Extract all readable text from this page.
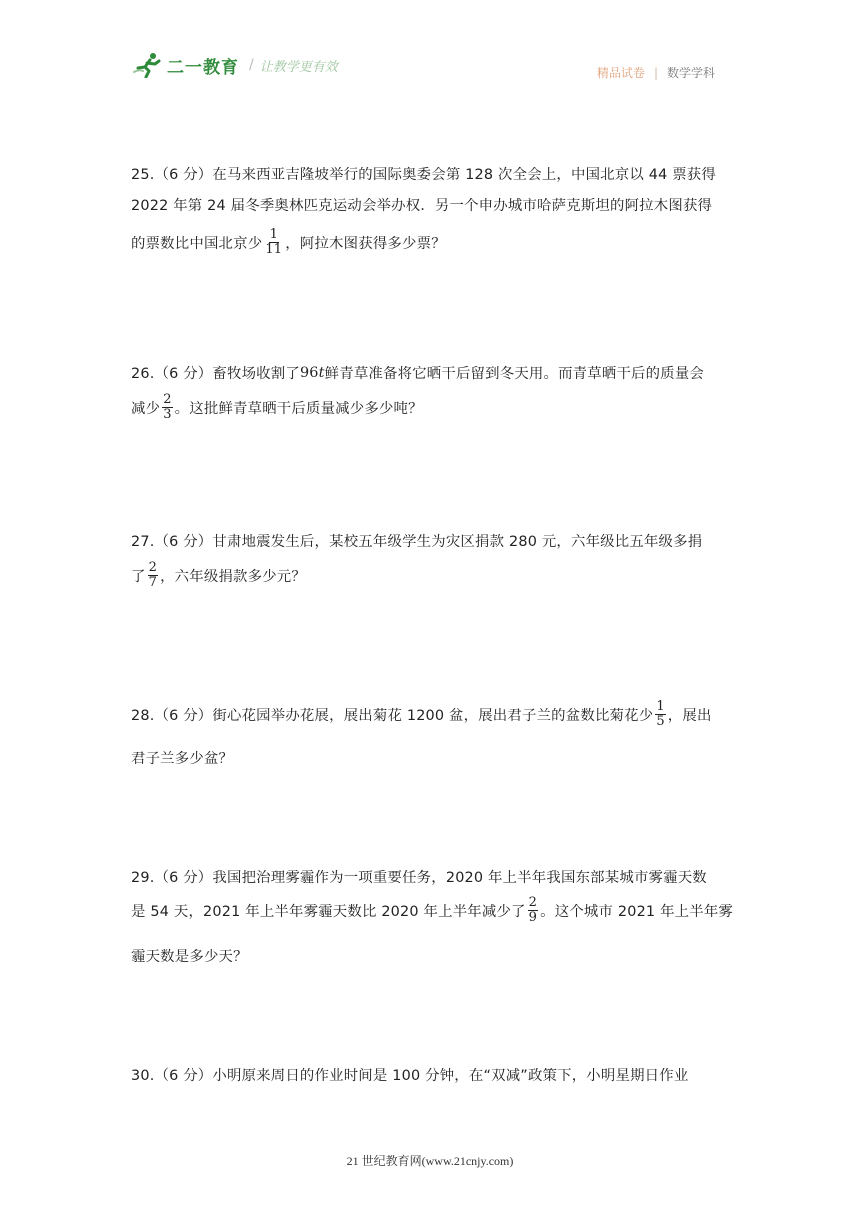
二一教育 / 让教学更有效	精品试卷 | 数学学科
25.（6 分）在马来西亚吉隆坡举行的国际奥委会第 128 次全会上，中国北京以 44 票获得
2022 年第 24 届冬季奥林匹克运动会举办权．另一个申办城市哈萨克斯坦的阿拉木图获得
的票数比中国北京少 $\frac{1}{11}$ ，阿拉木图获得多少票？
26.（6 分）畜牧场收割了 96 t 鲜青草准备将它晒干后留到冬天用。而青草晒干后的质量会
减少 $\frac{2}{3}$ 。这批鲜青草晒干后质量减少多少吨？
27.（6 分）甘肃地震发生后，某校五年级学生为灾区捐款 280 元，六年级比五年级多捐
了 $\frac{2}{7}$ ，六年级捐款多少元？
28.（6 分）街心花园举办花展，展出菊花 1200 盆，展出君子兰的盆数比菊花少 $\frac{1}{5}$ ，展出
君子兰多少盆？
29.（6 分）我国把治理雾霾作为一项重要任务，2020 年上半年我国东部某城市雾霾天数
是 54 天，2021 年上半年雾霾天数比 2020 年上半年减少了 $\frac{2}{9}$ 。这个城市 2021 年上半年雾
霾天数是多少天？
30.（6 分）小明原来周日的作业时间是 100 分钟，在“双减”政策下，小明星期日作业
21 世纪教育网(www.21cnjy.com)
